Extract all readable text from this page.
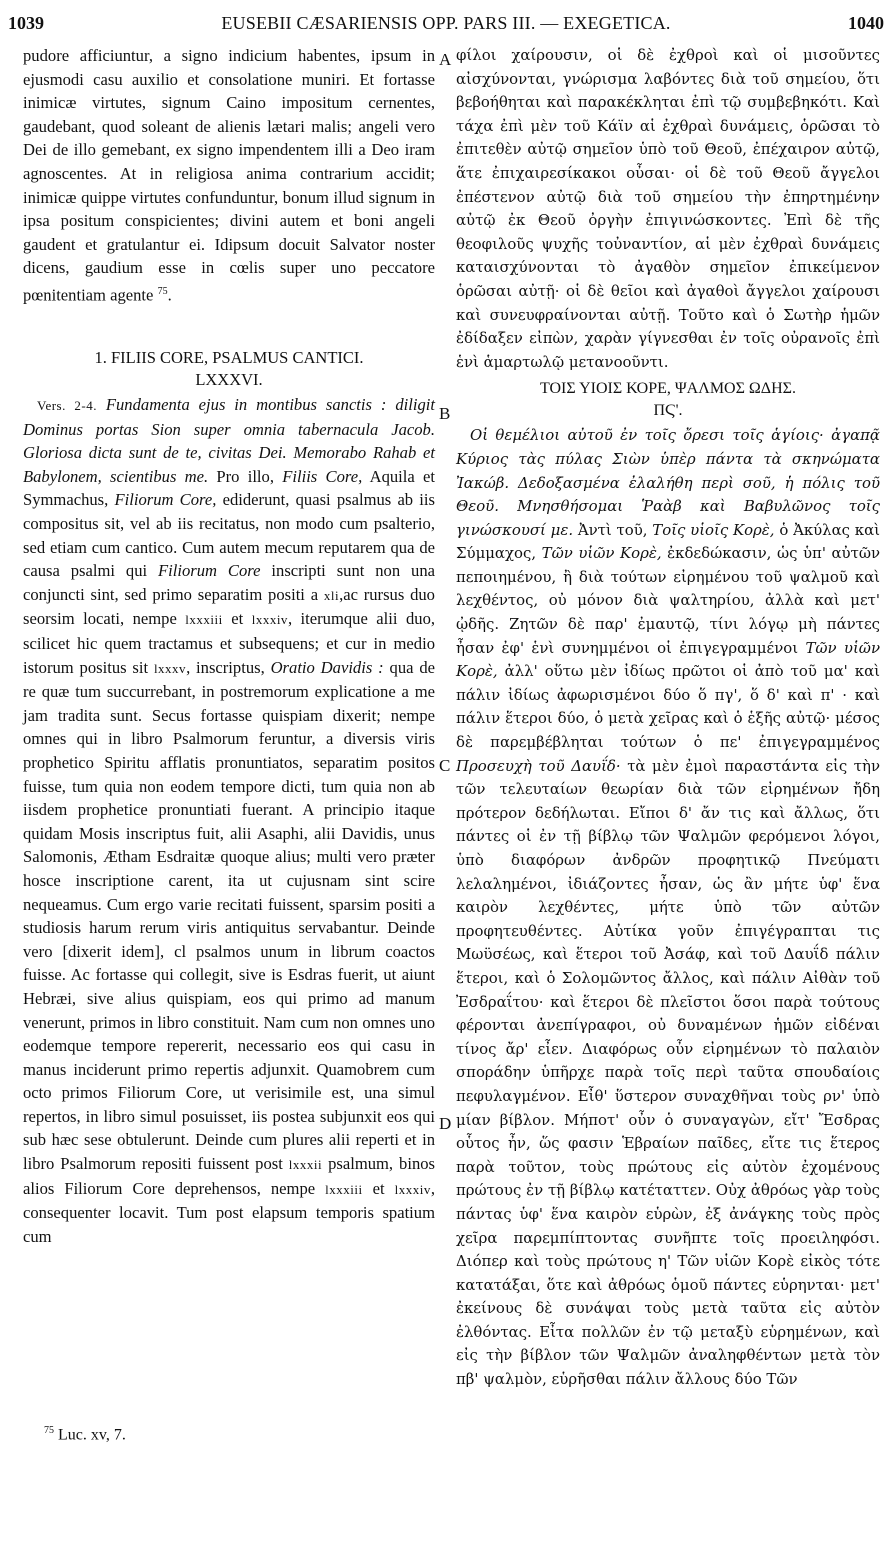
1039	EUSEBII CÆSARIENSIS OPP. PARS III. — EXEGETICA.	1040

pudore afficiuntur, a signo indicium habentes, ipsum in ejusmodi casu auxilio et consolatione muniri. Et fortasse inimicæ virtutes, signum Caino impositum cernentes, gaudebant, quod soleant de alienis lætari malis; angeli vero Dei de illo gemebant, ex signo impendentem illi a Deo iram agnoscentes. At in religiosa anima contrarium accidit; inimicæ quippe virtutes confunduntur, bonum illud signum in ipsa positum conspicientes; divini autem et boni angeli gaudent et gratulantur ei. Idipsum docuit Salvator noster dicens, gaudium esse in cœlis super uno peccatore pœnitentiam agente $^{75}$.

1. FILIIS CORE, PSALMUS CANTICI.
LXXXVI.

Vers. 2-4. Fundamenta ejus in montibus sanctis : diligit Dominus portas Sion super omnia tabernacula Jacob. Gloriosa dicta sunt de te, civitas Dei. Memorabo Rahab et Babylonem, scientibus me. Pro illo, Filiis Core, Aquila et Symmachus, Filiorum Core, ediderunt, quasi psalmus ab iis compositus sit, vel ab iis recitatus, non modo cum psalterio, sed etiam cum cantico. Cum autem mecum reputarem qua de causa psalmi qui Filiorum Core inscripti sunt non una conjuncti sint, sed primo separatim positi a xli,ac rursus duo seorsim locati, nempe lxxxiii et lxxxiv, iterumque alii duo, scilicet hic quem tractamus et subsequens; et cur in medio istorum positus sit lxxxv, inscriptus, Oratio Davidis : qua de re quæ tum succurrebant, in postremorum explicatione a me jam tradita sunt. Secus fortasse quispiam dixerit; nempe omnes qui in libro Psalmorum feruntur, a diversis viris prophetico Spiritu afflatis pronuntiatos, separatim positos fuisse, tum quia non eodem tempore dicti, tum quia non ab iisdem prophetice pronuntiati fuerant. A principio itaque quidam Mosis inscriptus fuit, alii Asaphi, alii Davidis, unus Salomonis, Ætham Esdraitæ quoque alius; multi vero præter hosce inscriptione carent, ita ut cujusnam sint scire nequeamus. Cum ergo varie recitati fuissent, sparsim positi a studiosis harum rerum viris antiquitus servabantur. Deinde vero [dixerit idem], cl psalmos unum in librum coactos fuisse. Ac fortasse qui collegit, sive is Esdras fuerit, ut aiunt Hebræi, sive alius quispiam, eos qui primo ad manum venerunt, primos in libro constituit. Nam cum non omnes uno eodemque tempore repererit, necessario eos qui casu in manus inciderunt primo repertis adjunxit. Quamobrem cum octo primos Filiorum Core, ut verisimile est, una simul repertos, in libro simul posuisset, iis postea subjunxit eos qui sub hæc sese obtulerunt. Deinde cum plures alii reperti et in libro Psalmorum repositi fuissent post lxxxii psalmum, binos alios Filiorum Core deprehensos, nempe lxxxiii et lxxxiv, consequenter locavit. Tum post elapsum temporis spatium cum

A
B
C
D

φίλοι χαίρουσιν, οἱ δὲ ἐχθροὶ καὶ οἱ μισοῦντες αἰσχύνονται, γνώρισμα λαβόντες διὰ τοῦ σημείου, ὅτι βεβοήθηται καὶ παρακέκληται ἐπὶ τῷ συμβεβηκότι. Καὶ τάχα ἐπὶ μὲν τοῦ Κάϊν αἱ ἐχθραὶ δυνάμεις, ὁρῶσαι τὸ ἐπιτεθὲν αὐτῷ σημεῖον ὑπὸ τοῦ Θεοῦ, ἐπέχαιρον αὐτῷ, ἅτε ἐπιχαιρεσίκακοι οὖσαι· οἱ δὲ τοῦ Θεοῦ ἄγγελοι ἐπέστενον αὐτῷ διὰ τοῦ σημείου τὴν ἐπηρτημένην αὐτῷ ἐκ Θεοῦ ὀργὴν ἐπιγινώσκοντες. Ἐπὶ δὲ τῆς θεοφιλοῦς ψυχῆς τοὐναντίον, αἱ μὲν ἐχθραὶ δυνάμεις καταισχύνονται τὸ ἀγαθὸν σημεῖον ἐπικείμενον ὁρῶσαι αὐτῇ· οἱ δὲ θεῖοι καὶ ἀγαθοὶ ἄγγελοι χαίρουσι καὶ συνευφραίνονται αὐτῇ. Τοῦτο καὶ ὁ Σωτὴρ ἡμῶν ἐδίδαξεν εἰπὼν, χαρὰν γίγνεσθαι ἐν τοῖς οὐρανοῖς ἐπὶ ἑνὶ ἁμαρτωλῷ μετανοοῦντι.

ΤΟΙΣ ΥΙΟΙΣ ΚΟΡΕ, ΨΑΛΜΟΣ ΩΔΗΣ.
ΠϚ'.

Οἱ θεμέλιοι αὐτοῦ ἐν τοῖς ὄρεσι τοῖς ἁγίοις· ἀγαπᾷ Κύριος τὰς πύλας Σιὼν ὑπὲρ πάντα τὰ σκηνώματα Ἰακώβ. Δεδοξασμένα ἐλαλήθη περὶ σοῦ, ἡ πόλις τοῦ Θεοῦ. Μνησθήσομαι Ῥαὰβ καὶ Βαβυλῶνος τοῖς γινώσκουσί με. Ἀντὶ τοῦ, Τοῖς υἱοῖς Κορὲ, ὁ Ἀκύλας καὶ Σύμμαχος, Τῶν υἱῶν Κορὲ, ἐκδεδώκασιν, ὡς ὑπ' αὐτῶν πεποιημένου, ἢ διὰ τούτων εἰρημένου τοῦ ψαλμοῦ καὶ λεχθέντος, οὐ μόνον διὰ ψαλτηρίου, ἀλλὰ καὶ μετ' ᾠδῆς. Ζητῶν δὲ παρ' ἐμαυτῷ, τίνι λόγῳ μὴ πάντες ἦσαν ἐφ' ἑνὶ συνημμένοι οἱ ἐπιγεγραμμένοι Τῶν υἱῶν Κορὲ, ἀλλ' οὕτω μὲν ἰδίως πρῶτοι οἱ ἀπὸ τοῦ μα' καὶ πάλιν ἰδίως ἀφωρισμένοι δύο ὅ πγ', ὅ δ' καὶ π' · καὶ πάλιν ἕτεροι δύο, ὁ μετὰ χεῖρας καὶ ὁ ἑξῆς αὐτῷ· μέσος δὲ παρεμβέβληται τούτων ὁ πε' ἐπιγεγραμμένος Προσευχὴ τοῦ Δαυΐδ· τὰ μὲν ἐμοὶ παραστάντα εἰς τὴν τῶν τελευταίων θεωρίαν διὰ τῶν εἰρημένων ἤδη πρότερον δεδήλωται. Εἴποι δ' ἄν τις καὶ ἄλλως, ὅτι πάντες οἱ ἐν τῇ βίβλῳ τῶν Ψαλμῶν φερόμενοι λόγοι, ὑπὸ διαφόρων ἀνδρῶν προφητικῷ Πνεύματι λελαλημένοι, ἰδιάζοντες ἦσαν, ὡς ἂν μήτε ὑφ' ἕνα καιρὸν λεχθέντες, μήτε ὑπὸ τῶν αὐτῶν προφητευθέντες. Αὐτίκα γοῦν ἐπιγέγραπται τις Μωϋσέως, καὶ ἕτεροι τοῦ Ἀσάφ, καὶ τοῦ Δαυΐδ πάλιν ἕτεροι, καὶ ὁ Σολομῶντος ἄλλος, καὶ πάλιν Αἰθὰν τοῦ Ἐσδραΐτου· καὶ ἕτεροι δὲ πλεῖστοι ὅσοι παρὰ τούτους φέρονται ἀνεπίγραφοι, οὐ δυναμένων ἡμῶν εἰδέναι τίνος ἄρ' εἶεν. Διαφόρως οὖν εἰρημένων τὸ παλαιὸν σποράδην ὑπῆρχε παρὰ τοῖς περὶ ταῦτα σπουδαίοις πεφυλαγμένον. Εἶθ' ὕστερον συναχθῆναι τοὺς ρν' ὑπὸ μίαν βίβλον. Μήποτ' οὖν ὁ συναγαγὼν, εἴτ' Ἔσδρας οὗτος ἦν, ὥς φασιν Ἑβραίων παῖδες, εἴτε τις ἕτερος παρὰ τοῦτον, τοὺς πρώτους εἰς αὐτὸν ἐχομένους πρώτους ἐν τῇ βίβλῳ κατέταττεν. Οὐχ ἀθρόως γὰρ τοὺς πάντας ὑφ' ἕνα καιρὸν εὑρὼν, ἐξ ἀνάγκης τοὺς πρὸς χεῖρα παρεμπίπτοντας συνῆπτε τοῖς προειληφόσι. Διόπερ καὶ τοὺς πρώτους η' Τῶν υἱῶν Κορὲ εἰκὸς τότε κατατάξαι, ὅτε καὶ ἀθρόως ὁμοῦ πάντες εὑρηνται· μετ' ἐκείνους δὲ συνάψαι τοὺς μετὰ ταῦτα εἰς αὐτὸν ἐλθόντας. Εἶτα πολλῶν ἐν τῷ μεταξὺ εὑρημένων, καὶ εἰς τὴν βίβλον τῶν Ψαλμῶν ἀναληφθέντων μετὰ τὸν πβ' ψαλμὸν, εὑρῆσθαι πάλιν ἄλλους δύο Τῶν

$^{75}$ Luc. xv, 7.
